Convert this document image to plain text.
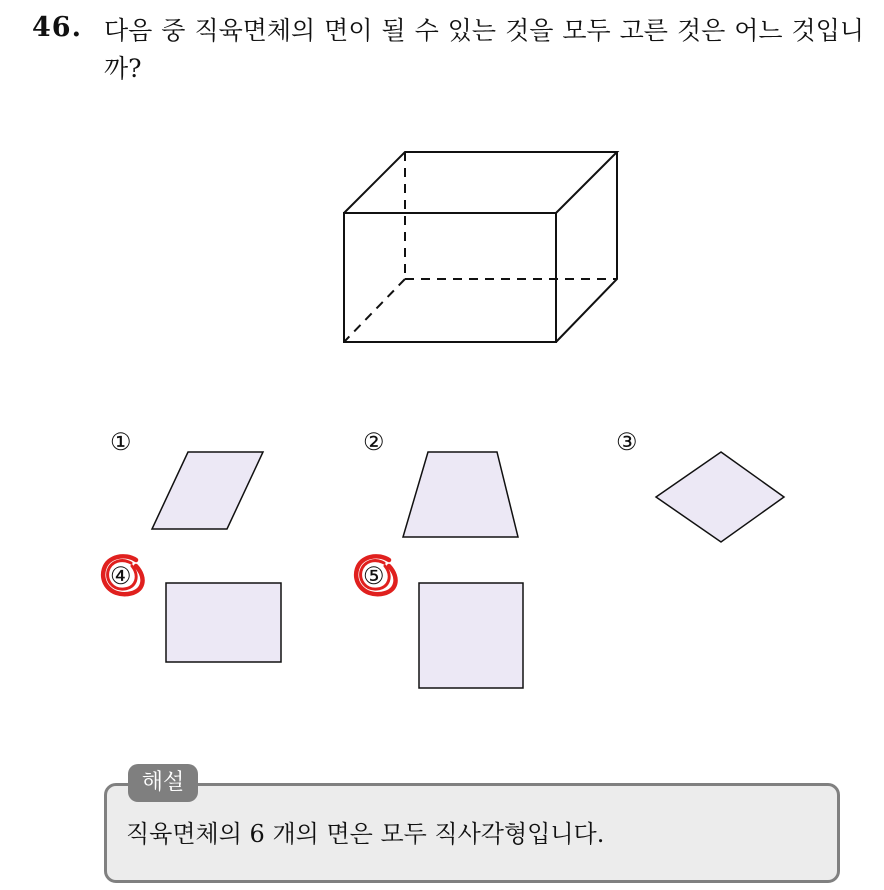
46. 다음 중 직육면체의 면이 될 수 있는 것을 모두 고른 것은 어느 것입니까?
①	②	③
④	⑤
해설
직육면체의 6 개의 면은 모두 직사각형입니다.
